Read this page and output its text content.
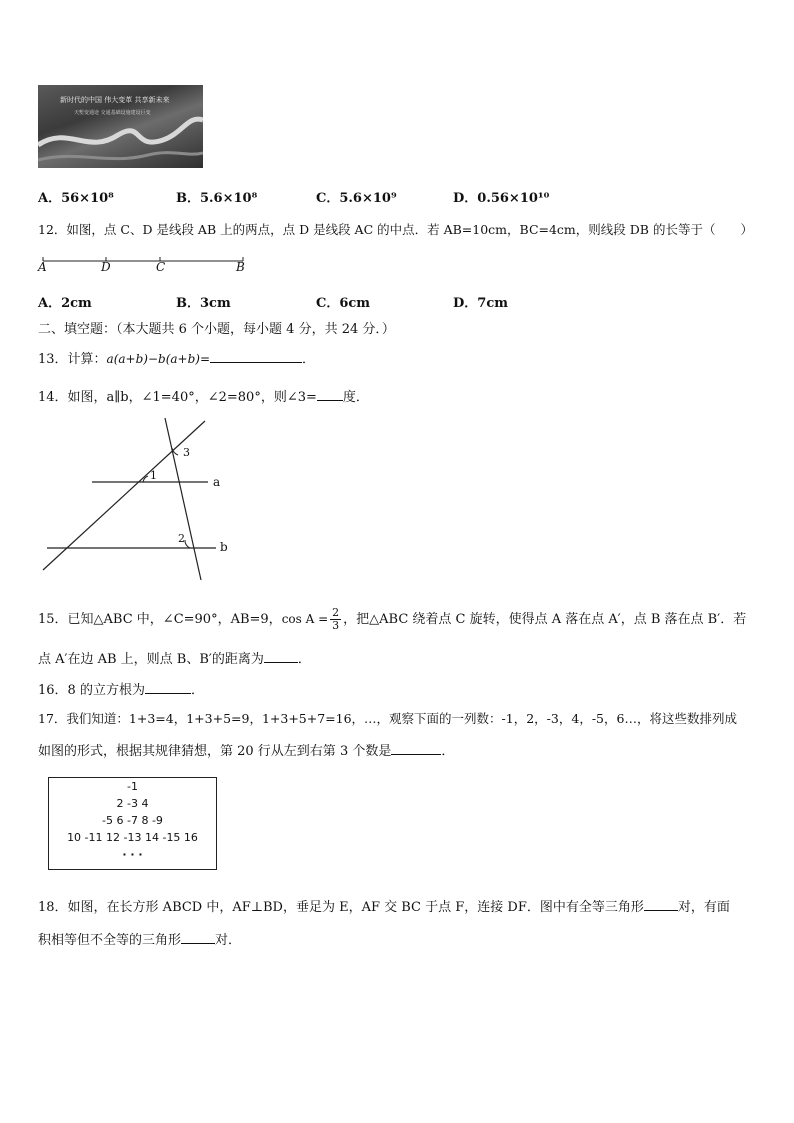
新时代的中国 伟大变革 共享新未来
天堑变通途 交通基础设施建设巨变
A．56×10⁸	B．5.6×10⁸	C．5.6×10⁹	D．0.56×10¹⁰
12．如图，点 C、D 是线段 AB 上的两点，点 D 是线段 AC 的中点．若 AB=10cm，BC=4cm，则线段 DB 的长等于（　　）
A	D	C	B
A．2cm	B．3cm	C．6cm	D．7cm
二、填空题：（本大题共 6 个小题，每小题 4 分，共 24 分．）
13．计算：a(a+b)−b(a+b)=	．
14．如图，a∥b，∠1=40°，∠2=80°，则∠3= 度．
1
2
3
a
b
15．已知△ABC 中，∠C=90°，AB=9，$\cos A = \frac{2}{3}$ ，把△ABC 绕着点 C 旋转，使得点 A 落在点 A′，点 B 落在点 B′．若
点 A′在边 AB 上，则点 B、B′的距离为	．
16．8 的立方根为	．
17．我们知道：1+3=4，1+3+5=9，1+3+5+7=16，…，观察下面的一列数：-1，2，-3，4，-5，6…，将这些数排列成
如图的形式，根据其规律猜想，第 20 行从左到右第 3 个数是	．
-1
2 -3 4
-5 6 -7 8 -9
10 -11 12 -13 14 -15 16
· · ·
18．如图，在长方形 ABCD 中，AF⊥BD，垂足为 E，AF 交 BC 于点 F，连接 DF．图中有全等三角形	对，有面
积相等但不全等的三角形	对．
